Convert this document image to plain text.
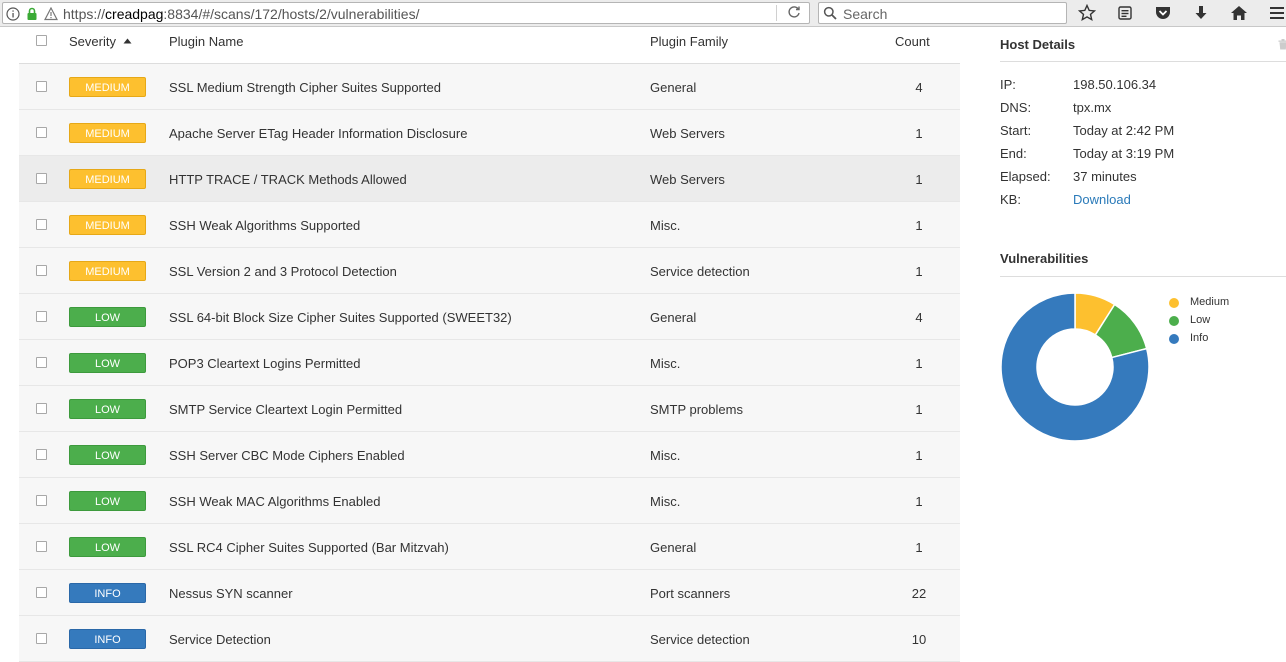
https://creadpag:8834/#/scans/172/hosts/2/vulnerabilities/	Search
Severity	Plugin Name	Plugin Family	Count
MEDIUM	SSL Medium Strength Cipher Suites Supported	General	4
MEDIUM	Apache Server ETag Header Information Disclosure	Web Servers	1
MEDIUM	HTTP TRACE / TRACK Methods Allowed	Web Servers	1
MEDIUM	SSH Weak Algorithms Supported	Misc.	1
MEDIUM	SSL Version 2 and 3 Protocol Detection	Service detection	1
LOW	SSL 64-bit Block Size Cipher Suites Supported (SWEET32)	General	4
LOW	POP3 Cleartext Logins Permitted	Misc.	1
LOW	SMTP Service Cleartext Login Permitted	SMTP problems	1
LOW	SSH Server CBC Mode Ciphers Enabled	Misc.	1
LOW	SSH Weak MAC Algorithms Enabled	Misc.	1
LOW	SSL RC4 Cipher Suites Supported (Bar Mitzvah)	General	1
INFO	Nessus SYN scanner	Port scanners	22
INFO	Service Detection	Service detection	10
Host Details
IP:	198.50.106.34
DNS:	tpx.mx
Start:	Today at 2:42 PM
End:	Today at 3:19 PM
Elapsed: 37 minutes
KB:	Download
Vulnerabilities
Medium
Low
Info
